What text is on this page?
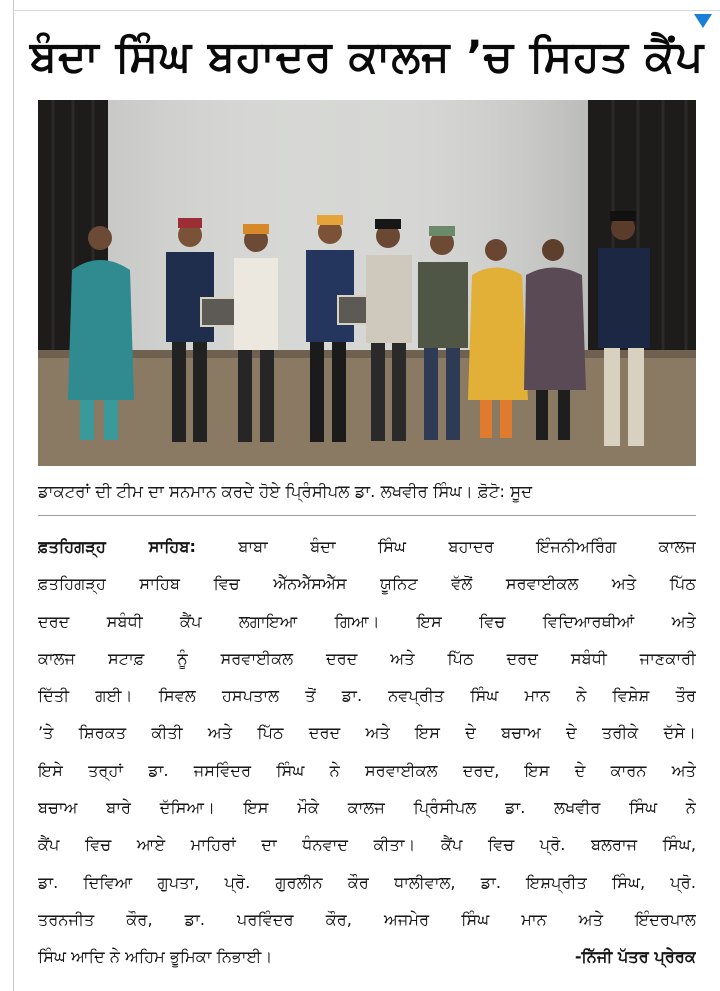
ਬੰਦਾ ਸਿੰਘ ਬਹਾਦਰ ਕਾਲਜ ’ਚ ਸਿਹਤ ਕੈਂਪ
ਡਾਕਟਰਾਂ ਦੀ ਟੀਮ ਦਾ ਸਨਮਾਨ ਕਰਦੇ ਹੋਏ ਪ੍ਰਿੰਸੀਪਲ ਡਾ. ਲਖਵੀਰ ਸਿੰਘ। ਫ਼ੋਟੋ: ਸੂਦ
ਫ਼ਤਹਿਗੜ੍ਹ ਸਾਹਿਬ:	ਬਾਬਾ ਬੰਦਾ ਸਿੰਘ ਬਹਾਦਰ ਇੰਜਨੀਅਰਿੰਗ ਕਾਲਜ
ਫ਼ਤਹਿਗੜ੍ਹ ਸਾਹਿਬ ਵਿਚ ਐੱਨਐੱਸਐੱਸ ਯੂਨਿਟ ਵੱਲੋਂ ਸਰਵਾਈਕਲ ਅਤੇ ਪਿੱਠ
ਦਰਦ ਸਬੰਧੀ ਕੈਂਪ ਲਗਾਇਆ ਗਿਆ। ਇਸ ਵਿਚ ਵਿਦਿਆਰਥੀਆਂ ਅਤੇ
ਕਾਲਜ ਸਟਾਫ਼ ਨੂੰ ਸਰਵਾਈਕਲ ਦਰਦ ਅਤੇ ਪਿੱਠ ਦਰਦ ਸਬੰਧੀ ਜਾਣਕਾਰੀ
ਦਿੱਤੀ ਗਈ। ਸਿਵਲ ਹਸਪਤਾਲ ਤੋਂ ਡਾ. ਨਵਪ੍ਰੀਤ ਸਿੰਘ ਮਾਨ ਨੇ ਵਿਸ਼ੇਸ਼ ਤੌਰ
’ਤੇ ਸ਼ਿਰਕਤ ਕੀਤੀ ਅਤੇ ਪਿੱਠ ਦਰਦ ਅਤੇ ਇਸ ਦੇ ਬਚਾਅ ਦੇ ਤਰੀਕੇ ਦੱਸੇ।
ਇਸੇ ਤਰ੍ਹਾਂ ਡਾ. ਜਸਵਿੰਦਰ ਸਿੰਘ ਨੇ ਸਰਵਾਈਕਲ ਦਰਦ, ਇਸ ਦੇ ਕਾਰਨ ਅਤੇ
ਬਚਾਅ ਬਾਰੇ ਦੱਸਿਆ। ਇਸ ਮੌਕੇ ਕਾਲਜ ਪ੍ਰਿੰਸੀਪਲ ਡਾ. ਲਖਵੀਰ ਸਿੰਘ ਨੇ
ਕੈਂਪ ਵਿਚ ਆਏ ਮਾਹਿਰਾਂ ਦਾ ਧੰਨਵਾਦ ਕੀਤਾ। ਕੈਂਪ ਵਿਚ ਪ੍ਰੋ. ਬਲਰਾਜ ਸਿੰਘ,
ਡਾ. ਦਿਵਿਆ ਗੁਪਤਾ, ਪ੍ਰੋ. ਗੁਰਲੀਨ ਕੌਰ ਧਾਲੀਵਾਲ, ਡਾ. ਇਸ਼ਪ੍ਰੀਤ ਸਿੰਘ, ਪ੍ਰੋ.
ਤਰਨਜੀਤ ਕੌਰ, ਡਾ. ਪਰਵਿੰਦਰ ਕੌਰ, ਅਜਮੇਰ ਸਿੰਘ ਮਾਨ ਅਤੇ ਇੰਦਰਪਾਲ
ਸਿੰਘ ਆਦਿ ਨੇ ਅਹਿਮ ਭੂਮਿਕਾ ਨਿਭਾਈ।	-ਨਿੱਜੀ ਪੱਤਰ ਪ੍ਰੇਰਕ
